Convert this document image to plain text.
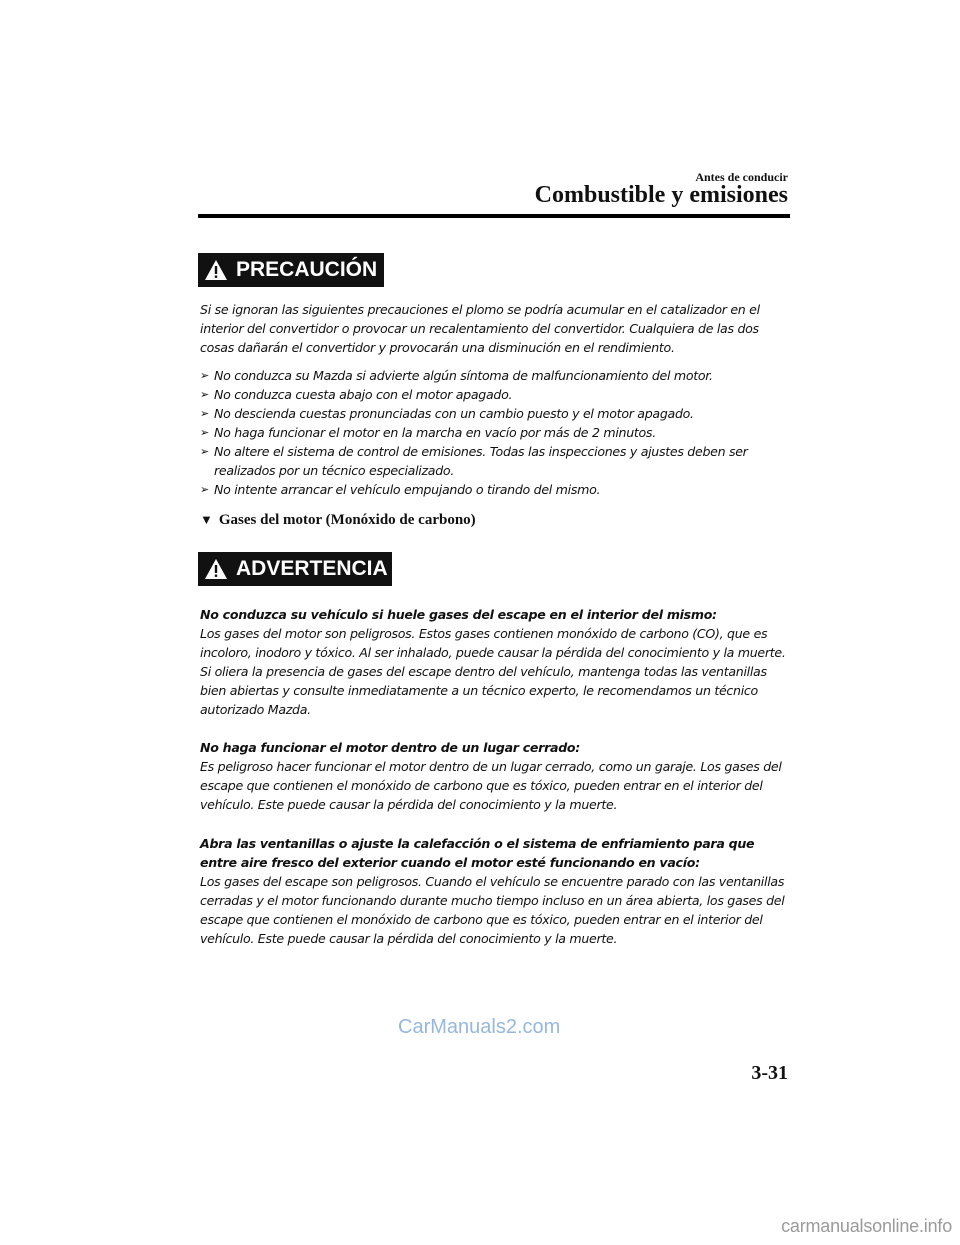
Antes de conducir
Combustible y emisiones
PRECAUCIÓN

Si se ignoran las siguientes precauciones el plomo se podría acumular en el catalizador en el interior del convertidor o provocar un recalentamiento del convertidor. Cualquiera de las dos cosas dañarán el convertidor y provocarán una disminución en el rendimiento.

➢ No conduzca su Mazda si advierte algún síntoma de malfuncionamiento del motor.
➢ No conduzca cuesta abajo con el motor apagado.
➢ No descienda cuestas pronunciadas con un cambio puesto y el motor apagado.
➢ No haga funcionar el motor en la marcha en vacío por más de 2 minutos.
➢ No altere el sistema de control de emisiones. Todas las inspecciones y ajustes deben ser realizados por un técnico especializado.
➢ No intente arrancar el vehículo empujando o tirando del mismo.
▼ Gases del motor (Monóxido de carbono)
ADVERTENCIA

No conduzca su vehículo si huele gases del escape en el interior del mismo:

Los gases del motor son peligrosos. Estos gases contienen monóxido de carbono (CO), que es incoloro, inodoro y tóxico. Al ser inhalado, puede causar la pérdida del conocimiento y la muerte. Si oliera la presencia de gases del escape dentro del vehículo, mantenga todas las ventanillas bien abiertas y consulte inmediatamente a un técnico experto, le recomendamos un técnico autorizado Mazda.

No haga funcionar el motor dentro de un lugar cerrado:

Es peligroso hacer funcionar el motor dentro de un lugar cerrado, como un garaje. Los gases del escape que contienen el monóxido de carbono que es tóxico, pueden entrar en el interior del vehículo. Este puede causar la pérdida del conocimiento y la muerte.

Abra las ventanillas o ajuste la calefacción o el sistema de enfriamiento para que entre aire fresco del exterior cuando el motor esté funcionando en vacío:

Los gases del escape son peligrosos. Cuando el vehículo se encuentre parado con las ventanillas cerradas y el motor funcionando durante mucho tiempo incluso en un área abierta, los gases del escape que contienen el monóxido de carbono que es tóxico, pueden entrar en el interior del vehículo. Este puede causar la pérdida del conocimiento y la muerte.

CarManuals2.com
3-31
carmanualsonline.info
